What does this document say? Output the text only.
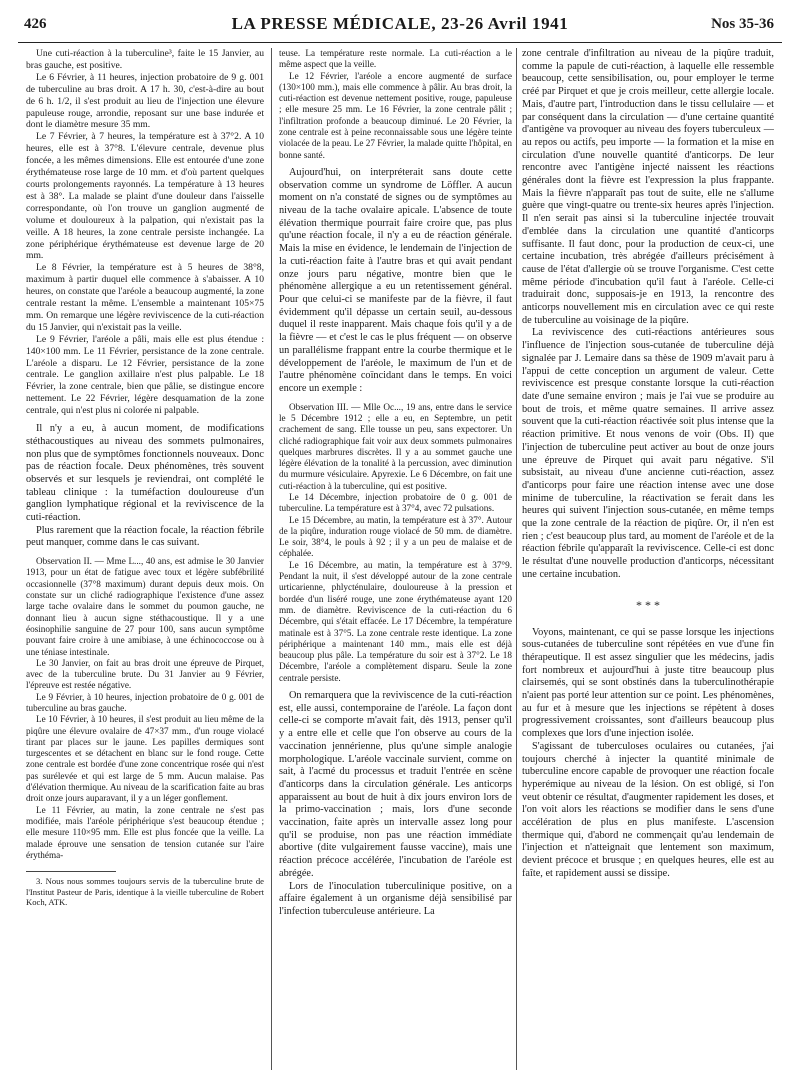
426	LA PRESSE MÉDICALE, 23-26 Avril 1941	Nos 35-36

Une cuti-réaction à la tuberculine³, faite le 15 Janvier, au bras gauche, est positive.

Le 6 Février, à 11 heures, injection probatoire de 9 g. 001 de tuberculine au bras droit. A 17 h. 30, c'est-à-dire au bout de 6 h. 1/2, il s'est produit au lieu de l'injection une élevure papuleuse rouge, arrondie, reposant sur une base indurée et dont le diamètre mesure 35 mm.

Le 7 Février, à 7 heures, la température est à 37°2. A 10 heures, elle est à 37°8. L'élevure centrale, devenue plus foncée, a les mêmes dimensions. Elle est entourée d'une zone érythémateuse rose large de 10 mm. et d'où partent quelques courts prolongements rayonnés. La température à 13 heures est à 38°. La malade se plaint d'une douleur dans l'aisselle correspondante, où l'on trouve un ganglion augmenté de volume et douloureux à la palpation, qui n'existait pas la veille. A 18 heures, la zone centrale persiste inchangée. La zone périphérique érythémateuse est devenue large de 20 mm.

Le 8 Février, la température est à 5 heures de 38°8, maximum à partir duquel elle commence à s'abaisser. A 10 heures, on constate que l'aréole a beaucoup augmenté, la zone centrale restant la même. L'ensemble a maintenant 105×75 mm. On remarque une légère reviviscence de la cuti-réaction du 15 Janvier, qui n'existait pas la veille.

Le 9 Février, l'aréole a pâli, mais elle est plus étendue : 140×100 mm. Le 11 Février, persistance de la zone centrale. L'aréole a disparu. Le 12 Février, persistance de la zone centrale. Le ganglion axillaire n'est plus palpable. Le 18 Février, la zone centrale, bien que pâlie, se distingue encore nettement. Le 22 Février, légère desquamation de la zone centrale, qui n'est plus ni colorée ni palpable.

Il n'y a eu, à aucun moment, de modifications stéthacoustiques au niveau des sommets pulmonaires, non plus que de symptômes fonctionnels nouveaux. Donc pas de réaction focale. Deux phénomènes, très souvent observés et sur lesquels je reviendrai, ont complété le tableau clinique : la tuméfaction douloureuse d'un ganglion lymphatique régional et la reviviscence de la cuti-réaction.

Plus rarement que la réaction focale, la réaction fébrile peut manquer, comme dans le cas suivant.

Observation II. — Mme L..., 40 ans, est admise le 30 Janvier 1913, pour un état de fatigue avec toux et légère subfébrilité occasionnelle (37°8 maximum) durant depuis deux mois. On constate sur un cliché radiographique l'existence d'une assez large tache ovalaire dans le sommet du poumon gauche, ne donnant lieu à aucun signe stéthacoustique. Il y a une éosinophilie sanguine de 27 pour 100, sans aucun symptôme pouvant faire croire à une amibiase, à une échinococcose ou à une téniase intestinale.

Le 30 Janvier, on fait au bras droit une épreuve de Pirquet, avec de la tuberculine brute. Du 31 Janvier au 9 Février, l'épreuve est restée négative.

Le 9 Février, à 10 heures, injection probatoire de 0 g. 001 de tuberculine au bras gauche.

Le 10 Février, à 10 heures, il s'est produit au lieu même de la piqûre une élevure ovalaire de 47×37 mm., d'un rouge violacé tirant par places sur le jaune. Les papilles dermiques sont turgescentes et se détachent en blanc sur le fond rouge. Cette zone centrale est bordée d'une zone concentrique rosée qui n'est pas surélevée et qui est large de 5 mm. Aucun malaise. Pas d'élévation thermique. Au niveau de la scarification faite au bras droit onze jours auparavant, il y a un léger gonflement.

Le 11 Février, au matin, la zone centrale ne s'est pas modifiée, mais l'aréole périphérique s'est beaucoup étendue ; elle mesure 110×95 mm. Elle est plus foncée que la veille. La malade éprouve une sensation de tension cutanée sur l'aire érythéma-

3. Nous nous sommes toujours servis de la tuberculine brute de l'Institut Pasteur de Paris, identique à la vieille tuberculine de Robert Koch, ATK.

teuse. La température reste normale. La cuti-réaction a le même aspect que la veille.

Le 12 Février, l'aréole a encore augmenté de surface (130×100 mm.), mais elle commence à pâlir. Au bras droit, la cuti-réaction est devenue nettement positive, rouge, papuleuse ; elle mesure 25 mm. Le 16 Février, la zone centrale pâlit ; l'infiltration profonde a beaucoup diminué. Le 20 Février, la zone centrale est à peine reconnaissable sous une légère teinte violacée de la peau. Le 27 Février, la malade quitte l'hôpital, en bonne santé.

Aujourd'hui, on interpréterait sans doute cette observation comme un syndrome de Löffler. A aucun moment on n'a constaté de signes ou de symptômes au niveau de la tache ovalaire apicale. L'absence de toute élévation thermique pourrait faire croire que, pas plus qu'une réaction focale, il n'y a eu de réaction générale. Mais la mise en évidence, le lendemain de l'injection de la cuti-réaction faite à l'autre bras et qui avait pendant onze jours paru négative, montre bien que le phénomène allergique a eu un retentissement général. Pour que celui-ci se manifeste par de la fièvre, il faut évidemment qu'il dépasse un certain seuil, au-dessous duquel il reste inapparent. Mais chaque fois qu'il y a de la fièvre — et c'est le cas le plus fréquent — on observe un parallélisme frappant entre la courbe thermique et le développement de l'aréole, le maximum de l'un et de l'autre phénomène coïncidant dans le temps. En voici encore un exemple :

Observation III. — Mlle Oc..., 19 ans, entre dans le service le 5 Décembre 1912 ; elle a eu, en Septembre, un petit crachement de sang. Elle tousse un peu, sans expectorer. Un cliché radiographique fait voir aux deux sommets pulmonaires quelques marbrures discrètes. Il y a au sommet gauche une légère élévation de la tonalité à la percussion, avec diminution du murmure vésiculaire. Apyrexie. Le 6 Décembre, on fait une cuti-réaction à la tuberculine, qui est positive.

Le 14 Décembre, injection probatoire de 0 g. 001 de tuberculine. La température est à 37°4, avec 72 pulsations.

Le 15 Décembre, au matin, la température est à 37°. Autour de la piqûre, induration rouge violacé de 50 mm. de diamètre. Le soir, 38°4, le pouls à 92 ; il y a un peu de malaise et de céphalée.

Le 16 Décembre, au matin, la température est à 37°9. Pendant la nuit, il s'est développé autour de la zone centrale urticarienne, phlycténulaire, douloureuse à la pression et bordée d'un liséré rouge, une zone érythémateuse ayant 120 mm. de diamètre. Reviviscence de la cuti-réaction du 6 Décembre, qui s'était effacée. Le 17 Décembre, la température matinale est à 37°5. La zone centrale reste identique. La zone périphérique a maintenant 140 mm., mais elle est déjà beaucoup plus pâle. La température du soir est à 37°2. Le 18 Décembre, l'aréole a complètement disparu. Seule la zone centrale persiste.

On remarquera que la reviviscence de la cuti-réaction est, elle aussi, contemporaine de l'aréole. La façon dont celle-ci se comporte m'avait fait, dès 1913, penser qu'il y a entre elle et celle que l'on observe au cours de la vaccination jennérienne, plus qu'une simple analogie morphologique. L'aréole vaccinale survient, comme on sait, à l'acmé du processus et traduit l'entrée en scène d'anticorps dans la circulation générale. Les anticorps apparaissent au bout de huit à dix jours environ lors de la primo-vaccination ; mais, lors d'une seconde vaccination, faite après un intervalle assez long pour qu'il se produise, non pas une réaction immédiate abortive (dite vulgairement fausse vaccine), mais une réaction précoce accélérée, l'incubation de l'aréole est abrégée.

Lors de l'inoculation tuberculinique positive, on a affaire également à un organisme déjà sensibilisé par l'infection tuberculeuse antérieure. La

zone centrale d'infiltration au niveau de la piqûre traduit, comme la papule de cuti-réaction, à laquelle elle ressemble beaucoup, cette sensibilisation, ou, pour employer le terme créé par Pirquet et que je crois meilleur, cette allergie locale. Mais, d'autre part, l'introduction dans le tissu cellulaire — et par conséquent dans la circulation — d'une certaine quantité d'antigène va provoquer au niveau des foyers tuberculeux — au repos ou actifs, peu importe — la formation et la mise en circulation d'une nouvelle quantité d'anticorps. De leur rencontre avec l'antigène injecté naissent les réactions générales dont la fièvre est l'expression la plus frappante. Mais la fièvre n'apparaît pas tout de suite, elle ne s'allume guère que vingt-quatre ou trente-six heures après l'injection. Il n'en serait pas ainsi si la tuberculine injectée trouvait d'emblée dans la circulation une quantité d'anticorps suffisante. Il faut donc, pour la production de ceux-ci, une certaine incubation, très abrégée d'ailleurs précisément à cause de l'état d'allergie où se trouve l'organisme. C'est cette même période d'incubation qu'il faut à l'aréole. Celle-ci traduirait donc, supposais-je en 1913, la rencontre des anticorps nouvellement mis en circulation avec ce qui reste de tuberculine au voisinage de la piqûre.

La reviviscence des cuti-réactions antérieures sous l'influence de l'injection sous-cutanée de tuberculine déjà signalée par J. Lemaire dans sa thèse de 1909 m'avait paru à l'appui de cette conception un argument de valeur. Cette reviviscence est presque constante lorsque la cuti-réaction date d'une semaine environ ; mais je l'ai vue se produire au bout de trois, et même quatre semaines. Il arrive assez souvent que la cuti-réaction réactivée soit plus intense que la réaction primitive. Et nous venons de voir (Obs. II) que l'injection de tuberculine peut activer au bout de onze jours une épreuve de Pirquet qui avait paru négative. S'il subsistait, au niveau d'une ancienne cuti-réaction, assez d'anticorps pour faire une réaction intense avec une dose minime de tuberculine, la réactivation se ferait dans les heures qui suivent l'injection sous-cutanée, en même temps que la zone centrale de la réaction de piqûre. Or, il n'en est rien ; c'est beaucoup plus tard, au moment de l'aréole et de la réaction fébrile qu'apparaît la reviviscence. Celle-ci est donc le résultat d'une nouvelle production d'anticorps, nécessitant une certaine incubation.

* * *

Voyons, maintenant, ce qui se passe lorsque les injections sous-cutanées de tuberculine sont répétées en vue d'une fin thérapeutique. Il est assez singulier que les médecins, jadis fort nombreux et aujourd'hui à juste titre beaucoup plus clairsemés, qui se sont obstinés dans la tuberculinothérapie n'aient pas porté leur attention sur ce point. Les phénomènes, au fur et à mesure que les injections se répètent à doses progressivement croissantes, sont d'ailleurs beaucoup plus complexes que lors d'une injection isolée.

S'agissant de tuberculoses oculaires ou cutanées, j'ai toujours cherché à injecter la quantité minimale de tuberculine encore capable de provoquer une réaction focale hyperémique au niveau de la lésion. On est obligé, si l'on veut obtenir ce résultat, d'augmenter rapidement les doses, et l'on voit alors les réactions se modifier dans le sens d'une accélération de plus en plus manifeste. L'ascension thermique qui, d'abord ne commençait qu'au lendemain de l'injection et n'atteignait que lentement son maximum, devient précoce et brusque ; en quelques heures, elle est au faîte, et rapidement aussi se dissipe.
